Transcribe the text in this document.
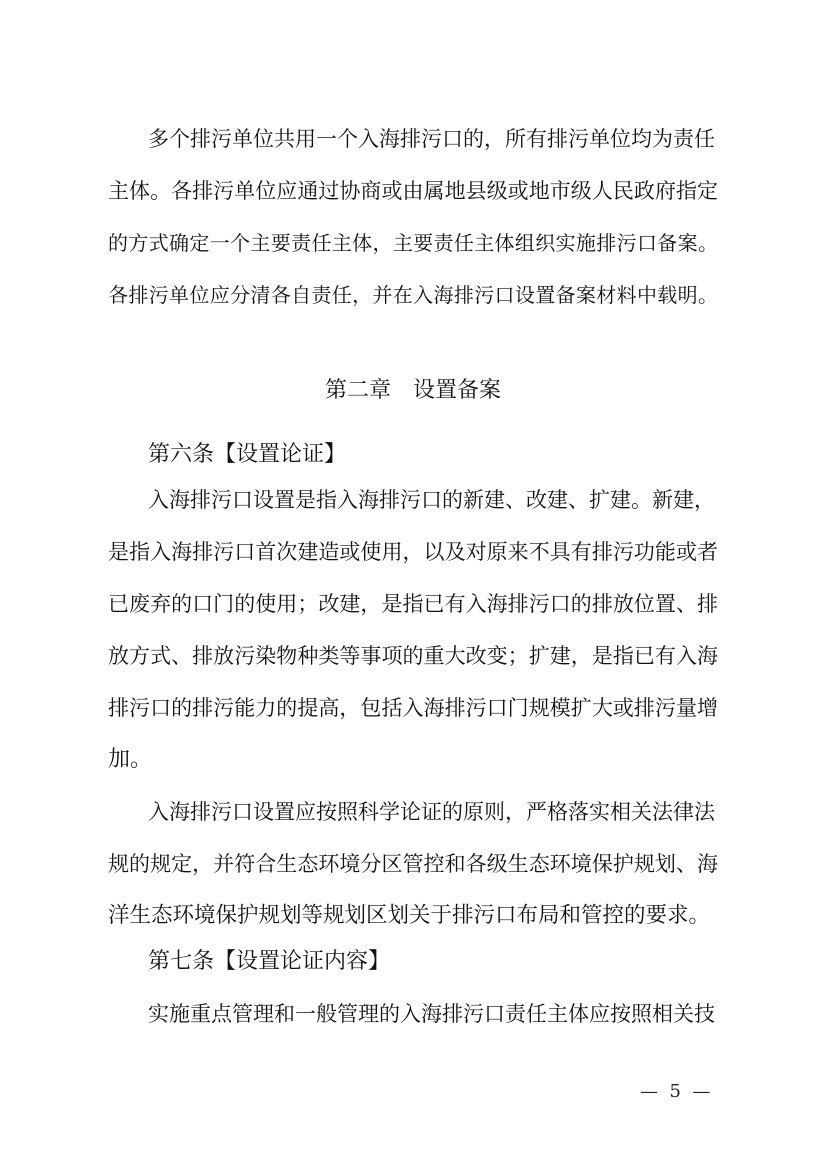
多个排污单位共用一个入海排污口的，所有排污单位均为责任

主体。各排污单位应通过协商或由属地县级或地市级人民政府指定

的方式确定一个主要责任主体，主要责任主体组织实施排污口备案。

各排污单位应分清各自责任，并在入海排污口设置备案材料中载明。

第二章　设置备案

第六条【设置论证】

入海排污口设置是指入海排污口的新建、改建、扩建。新建，

是指入海排污口首次建造或使用，以及对原来不具有排污功能或者

已废弃的口门的使用；改建，是指已有入海排污口的排放位置、排

放方式、排放污染物种类等事项的重大改变；扩建，是指已有入海

排污口的排污能力的提高，包括入海排污口门规模扩大或排污量增

加。

入海排污口设置应按照科学论证的原则，严格落实相关法律法

规的规定，并符合生态环境分区管控和各级生态环境保护规划、海

洋生态环境保护规划等规划区划关于排污口布局和管控的要求。

第七条【设置论证内容】

实施重点管理和一般管理的入海排污口责任主体应按照相关技

—  5  —
